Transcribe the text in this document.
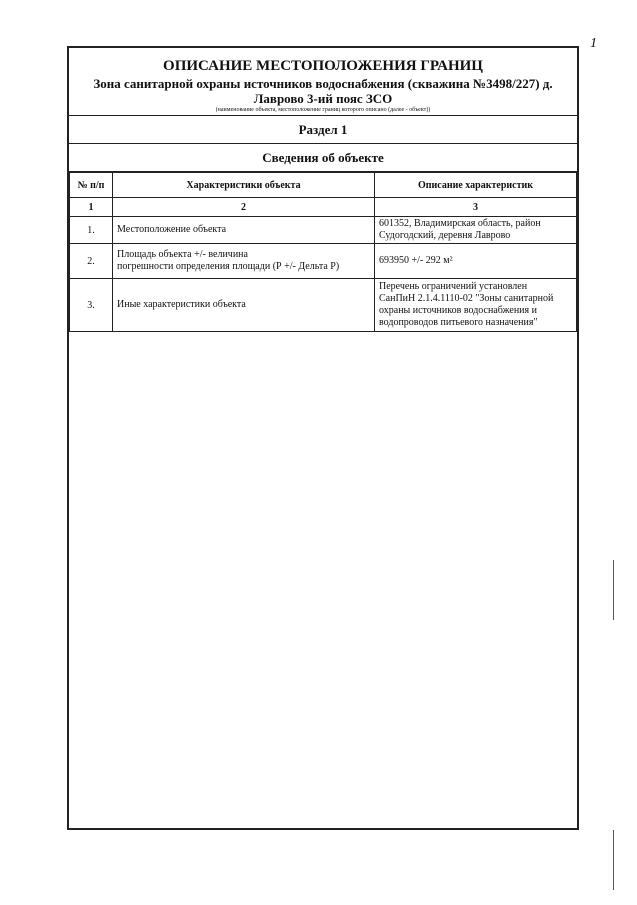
1
ОПИСАНИЕ МЕСТОПОЛОЖЕНИЯ ГРАНИЦ
Зона санитарной охраны источников водоснабжения (скважина №3498/227) д.
Лаврово 3-ий пояс ЗСО
(наименование объекта, местоположение границ которого описано (далее - объект))
Раздел 1
Сведения об объекте
№ п/п	Характеристики объекта	Описание характеристик
1	2	3
1.	Местоположение объекта	601352, Владимирская область, район
Судогодский, деревня Лаврово

2.	Площадь объекта +/- величина
погрешности определения площади (Р +/- Дельта Р)	693950 +/- 292 м²

3.	Иные характеристики объекта	Перечень ограничений установлен
СанПиН 2.1.4.1110-02 "Зоны санитарной
охраны источников водоснабжения и
водопроводов питьевого назначения"
